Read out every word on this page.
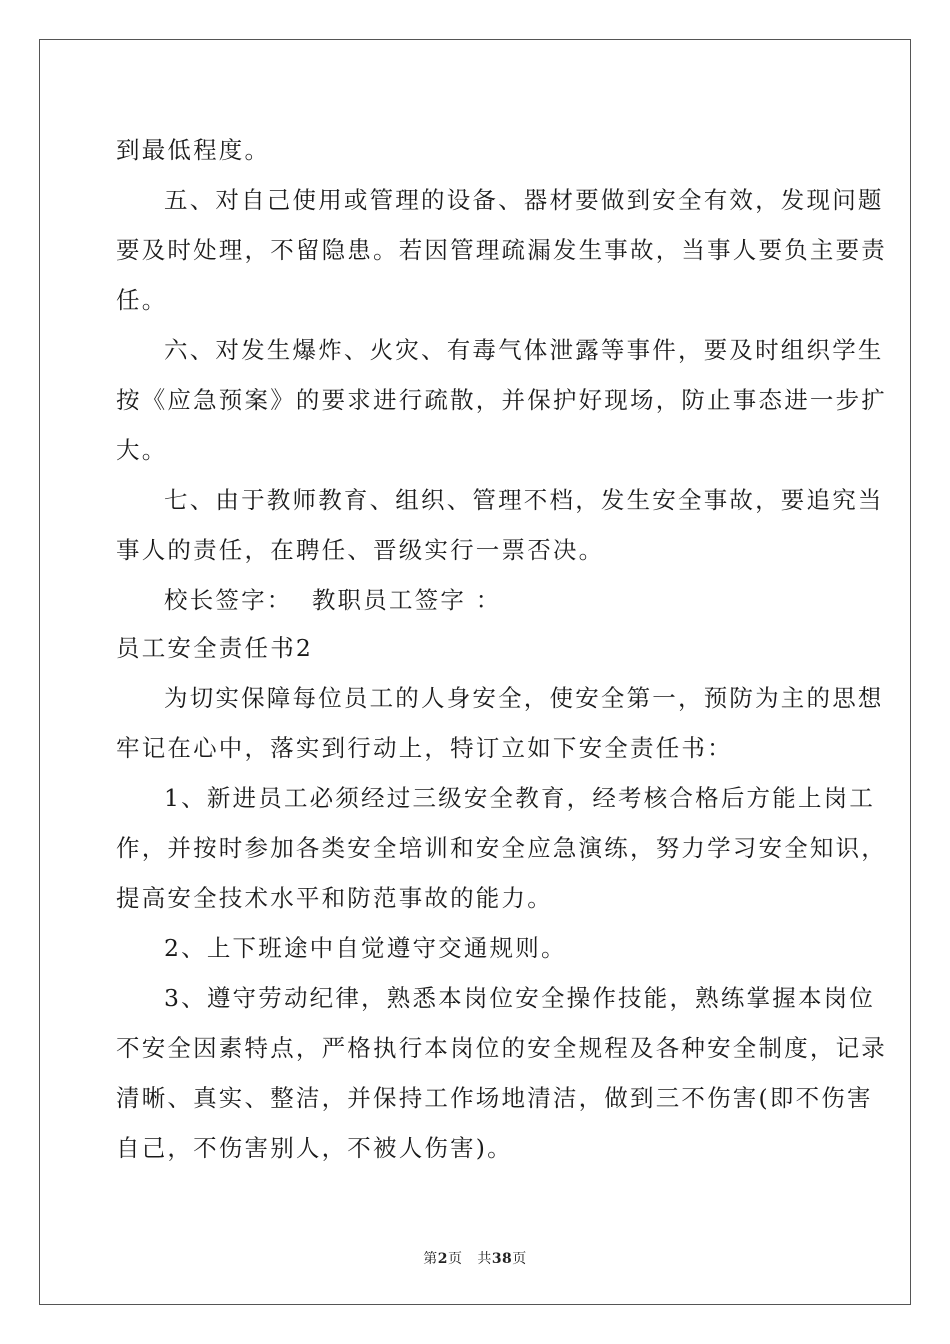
到最低程度。
五、对自己使用或管理的设备、器材要做到安全有效，发现问题
要及时处理，不留隐患。若因管理疏漏发生事故，当事人要负主要责
任。
六、对发生爆炸、火灾、有毒气体泄露等事件，要及时组织学生
按《应急预案》的要求进行疏散，并保护好现场，防止事态进一步扩
大。
七、由于教师教育、组织、管理不档，发生安全事故，要追究当
事人的责任，在聘任、晋级实行一票否决。
校长签字：  教职员工签字 ：
员工安全责任书2
为切实保障每位员工的人身安全，使安全第一，预防为主的思想
牢记在心中，落实到行动上，特订立如下安全责任书：
1、新进员工必须经过三级安全教育，经考核合格后方能上岗工
作，并按时参加各类安全培训和安全应急演练，努力学习安全知识，
提高安全技术水平和防范事故的能力。
2、上下班途中自觉遵守交通规则。
3、遵守劳动纪律，熟悉本岗位安全操作技能，熟练掌握本岗位
不安全因素特点，严格执行本岗位的安全规程及各种安全制度，记录
清晰、真实、整洁，并保持工作场地清洁，做到三不伤害(即不伤害
自己，不伤害别人，不被人伤害)。
第2页 共38页
